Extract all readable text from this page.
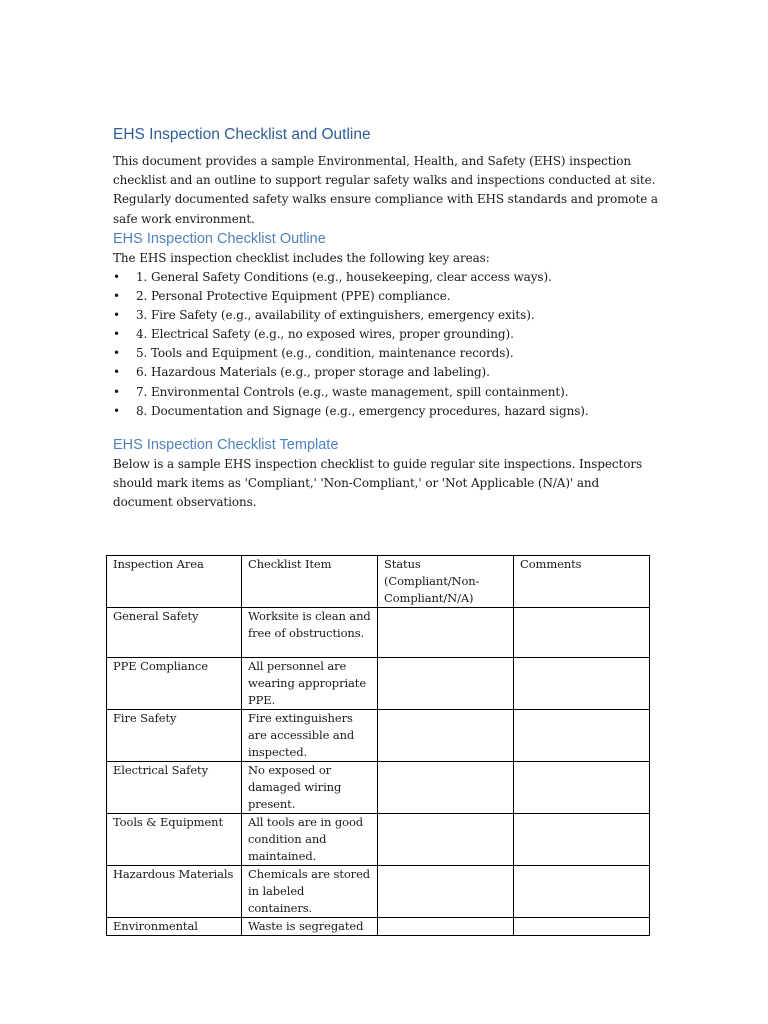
EHS Inspection Checklist and Outline

This document provides a sample Environmental, Health, and Safety (EHS) inspection checklist and an outline to support regular safety walks and inspections conducted at site. Regularly documented safety walks ensure compliance with EHS standards and promote a safe work environment.

EHS Inspection Checklist Outline

The EHS inspection checklist includes the following key areas:

• 1. General Safety Conditions (e.g., housekeeping, clear access ways).
• 2. Personal Protective Equipment (PPE) compliance.
• 3. Fire Safety (e.g., availability of extinguishers, emergency exits).
• 4. Electrical Safety (e.g., no exposed wires, proper grounding).
• 5. Tools and Equipment (e.g., condition, maintenance records).
• 6. Hazardous Materials (e.g., proper storage and labeling).
• 7. Environmental Controls (e.g., waste management, spill containment).
• 8. Documentation and Signage (e.g., emergency procedures, hazard signs).
EHS Inspection Checklist Template

Below is a sample EHS inspection checklist to guide regular site inspections. Inspectors should mark items as 'Compliant,' 'Non-Compliant,' or 'Not Applicable (N/A)' and document observations.

Inspection Area	Checklist Item	Status (Compliant/Non-Compliant/N/A)	Comments
General Safety	Worksite is clean and free of obstructions.		
PPE Compliance	All personnel are wearing appropriate PPE.		
Fire Safety	Fire extinguishers are accessible and inspected.		
Electrical Safety	No exposed or damaged wiring present.		
Tools & Equipment	All tools are in good condition and maintained.		
Hazardous Materials	Chemicals are stored in labeled containers.		
Environmental	Waste is segregated		
